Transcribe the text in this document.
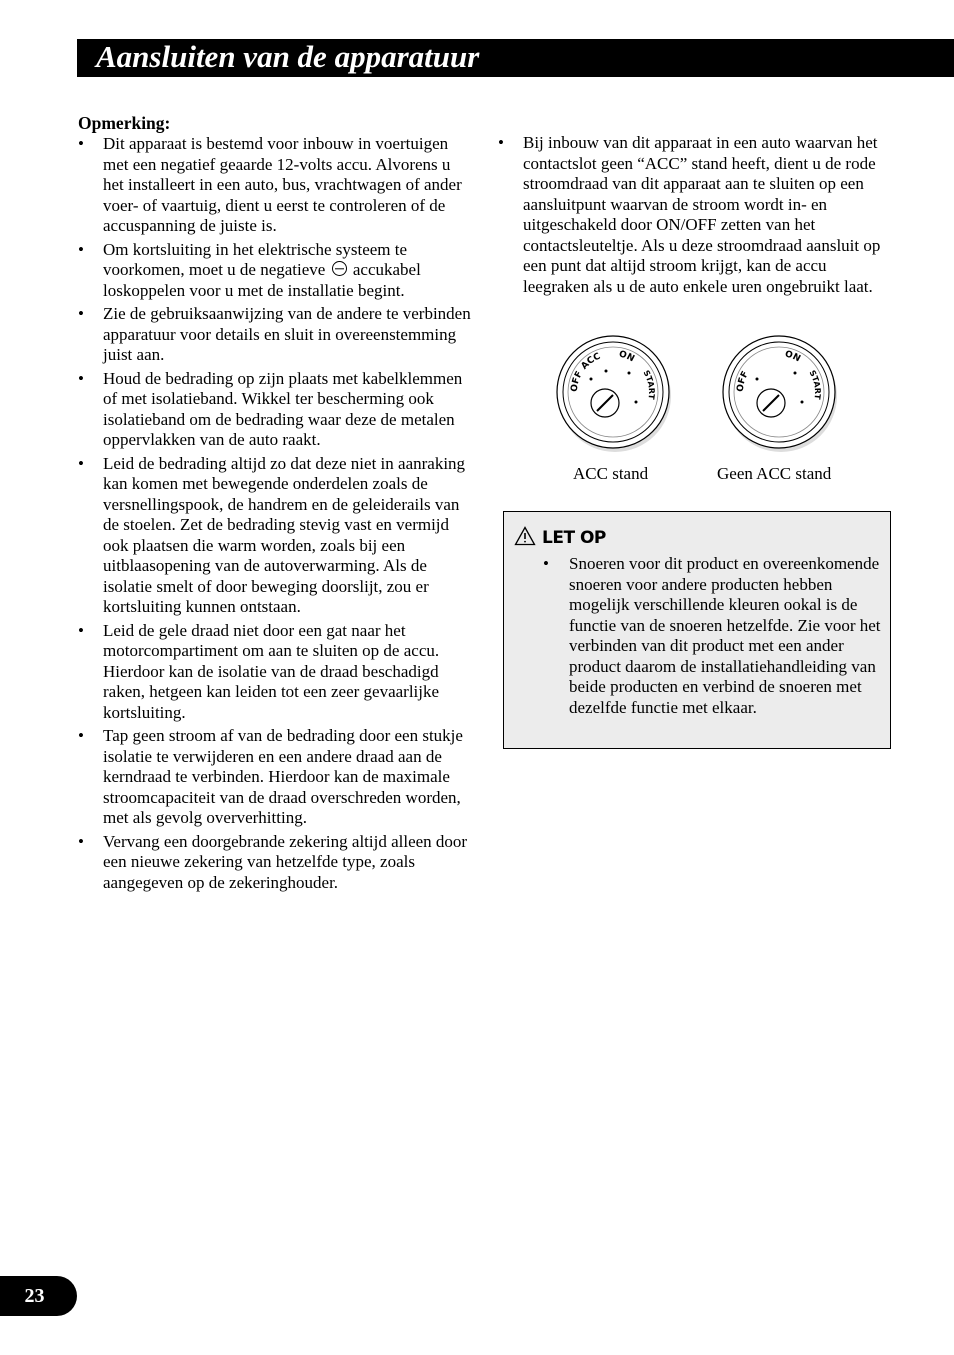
Aansluiten van de apparatuur

Opmerking:

• Dit apparaat is bestemd voor inbouw in voertuigen met een negatief geaarde 12-volts accu. Alvorens u het installeert in een auto, bus, vrachtwagen of ander voer- of vaartuig, dient u eerst te controleren of de accuspanning de juiste is.
• Om kortsluiting in het elektrische systeem te voorkomen, moet u de negatieve accukabel loskoppelen voor u met de installatie begint.
• Zie de gebruiksaanwijzing van de andere te verbinden apparatuur voor details en sluit in overeenstemming juist aan.
• Houd de bedrading op zijn plaats met kabelklemmen of met isolatieband. Wikkel ter bescherming ook isolatieband om de bedrading waar deze de metalen oppervlakken van de auto raakt.
• Leid de bedrading altijd zo dat deze niet in aanraking kan komen met bewegende onderdelen zoals de versnellingspook, de handrem en de geleiderails van de stoelen. Zet de bedrading stevig vast en vermijd ook plaatsen die warm worden, zoals bij een uitblaasopening van de autoverwarming. Als de isolatie smelt of door beweging doorslijt, zou er kortsluiting kunnen ontstaan.
• Leid de gele draad niet door een gat naar het motorcompartiment om aan te sluiten op de accu. Hierdoor kan de isolatie van de draad beschadigd raken, hetgeen kan leiden tot een zeer gevaarlijke kortsluiting.
• Tap geen stroom af van de bedrading door een stukje isolatie te verwijderen en een andere draad aan de kerndraad te verbinden. Hierdoor kan de maximale stroomcapaciteit van de draad overschreden worden, met als gevolg oververhitting.
• Vervang een doorgebrande zekering altijd alleen door een nieuwe zekering van hetzelfde type, zoals aangegeven op de zekeringhouder.
• Bij inbouw van dit apparaat in een auto waarvan het contactslot geen “ACC” stand heeft, dient u de rode stroomdraad van dit apparaat aan te sluiten op een aansluitpunt waarvan de stroom wordt in- en uitgeschakeld door ON/OFF zetten van het contactsleuteltje. Als u deze stroomdraad aansluit op een punt dat altijd stroom krijgt, kan de accu leegraken als u de auto enkele uren ongebruikt laat.
OFF
ACC ON
START
OFF
ON
START
ACC stand	Geen ACC stand
LET OP
• Snoeren voor dit product en overeenkomende snoeren voor andere producten hebben mogelijk verschillende kleuren ookal is de functie van de snoeren hetzelfde. Zie voor het verbinden van dit product met een ander product daarom de installatiehandleiding van beide producten en verbind de snoeren met dezelfde functie met elkaar.
23
